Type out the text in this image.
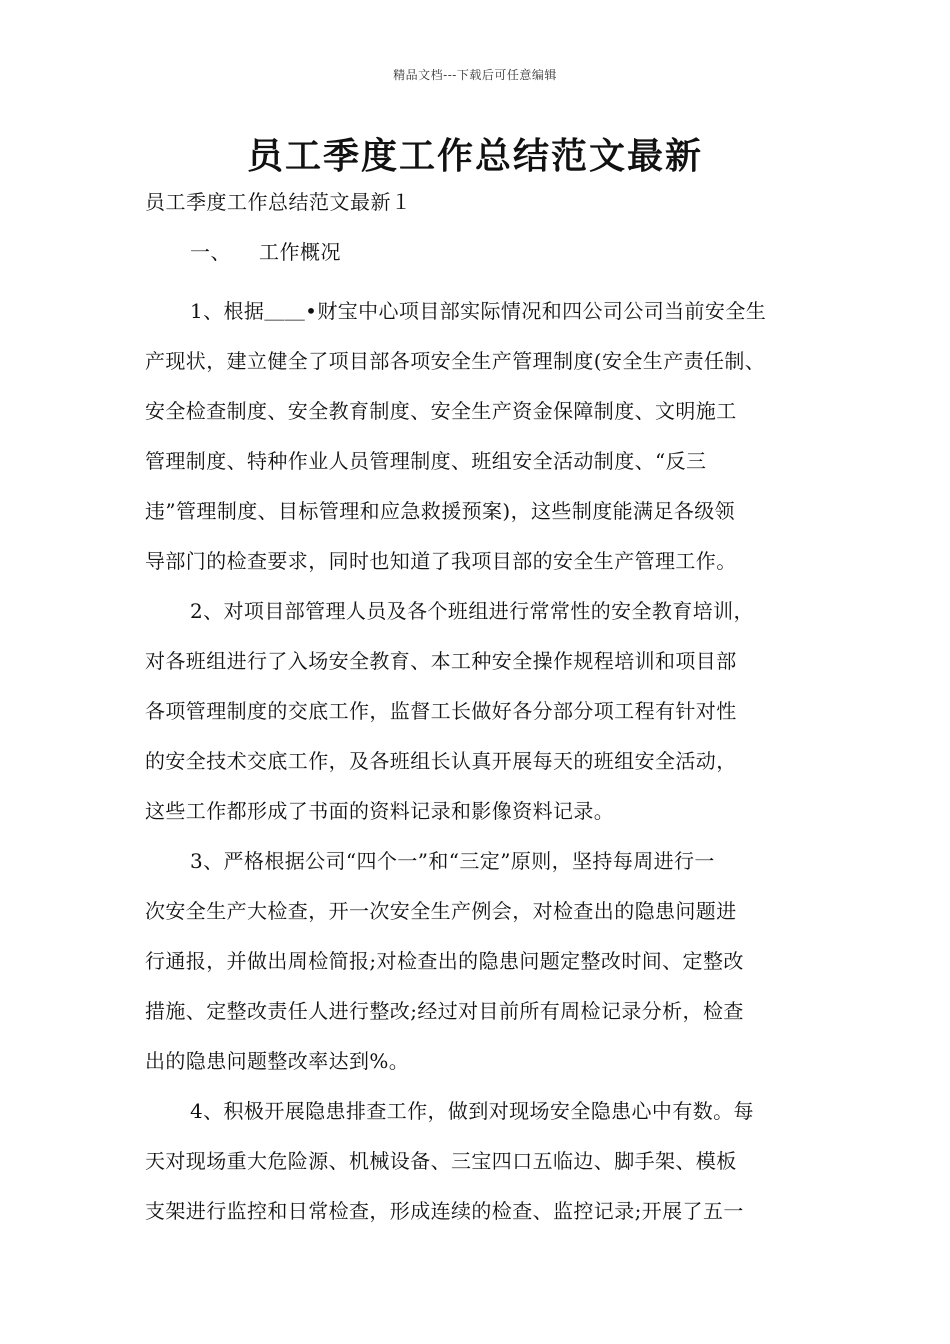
精品文档---下载后可任意编辑
员工季度工作总结范文最新
员工季度工作总结范文最新１
一、 工作概况

1、根据＿＿•财宝中心项目部实际情况和四公司公司当前安全生
产现状，建立健全了项目部各项安全生产管理制度(安全生产责任制、
安全检查制度、安全教育制度、安全生产资金保障制度、文明施工
管理制度、特种作业人员管理制度、班组安全活动制度、“反三
违”管理制度、目标管理和应急救援预案)，这些制度能满足各级领
导部门的检查要求，同时也知道了我项目部的安全生产管理工作。

2、对项目部管理人员及各个班组进行常常性的安全教育培训，
对各班组进行了入场安全教育、本工种安全操作规程培训和项目部
各项管理制度的交底工作，监督工长做好各分部分项工程有针对性
的安全技术交底工作，及各班组长认真开展每天的班组安全活动，
这些工作都形成了书面的资料记录和影像资料记录。

3、严格根据公司“四个一”和“三定”原则，坚持每周进行一
次安全生产大检查，开一次安全生产例会，对检查出的隐患问题进
行通报，并做出周检简报;对检查出的隐患问题定整改时间、定整改
措施、定整改责任人进行整改;经过对目前所有周检记录分析，检查
出的隐患问题整改率达到%。

4、积极开展隐患排查工作，做到对现场安全隐患心中有数。每
天对现场重大危险源、机械设备、三宝四口五临边、脚手架、模板
支架进行监控和日常检查，形成连续的检查、监控记录;开展了五一
